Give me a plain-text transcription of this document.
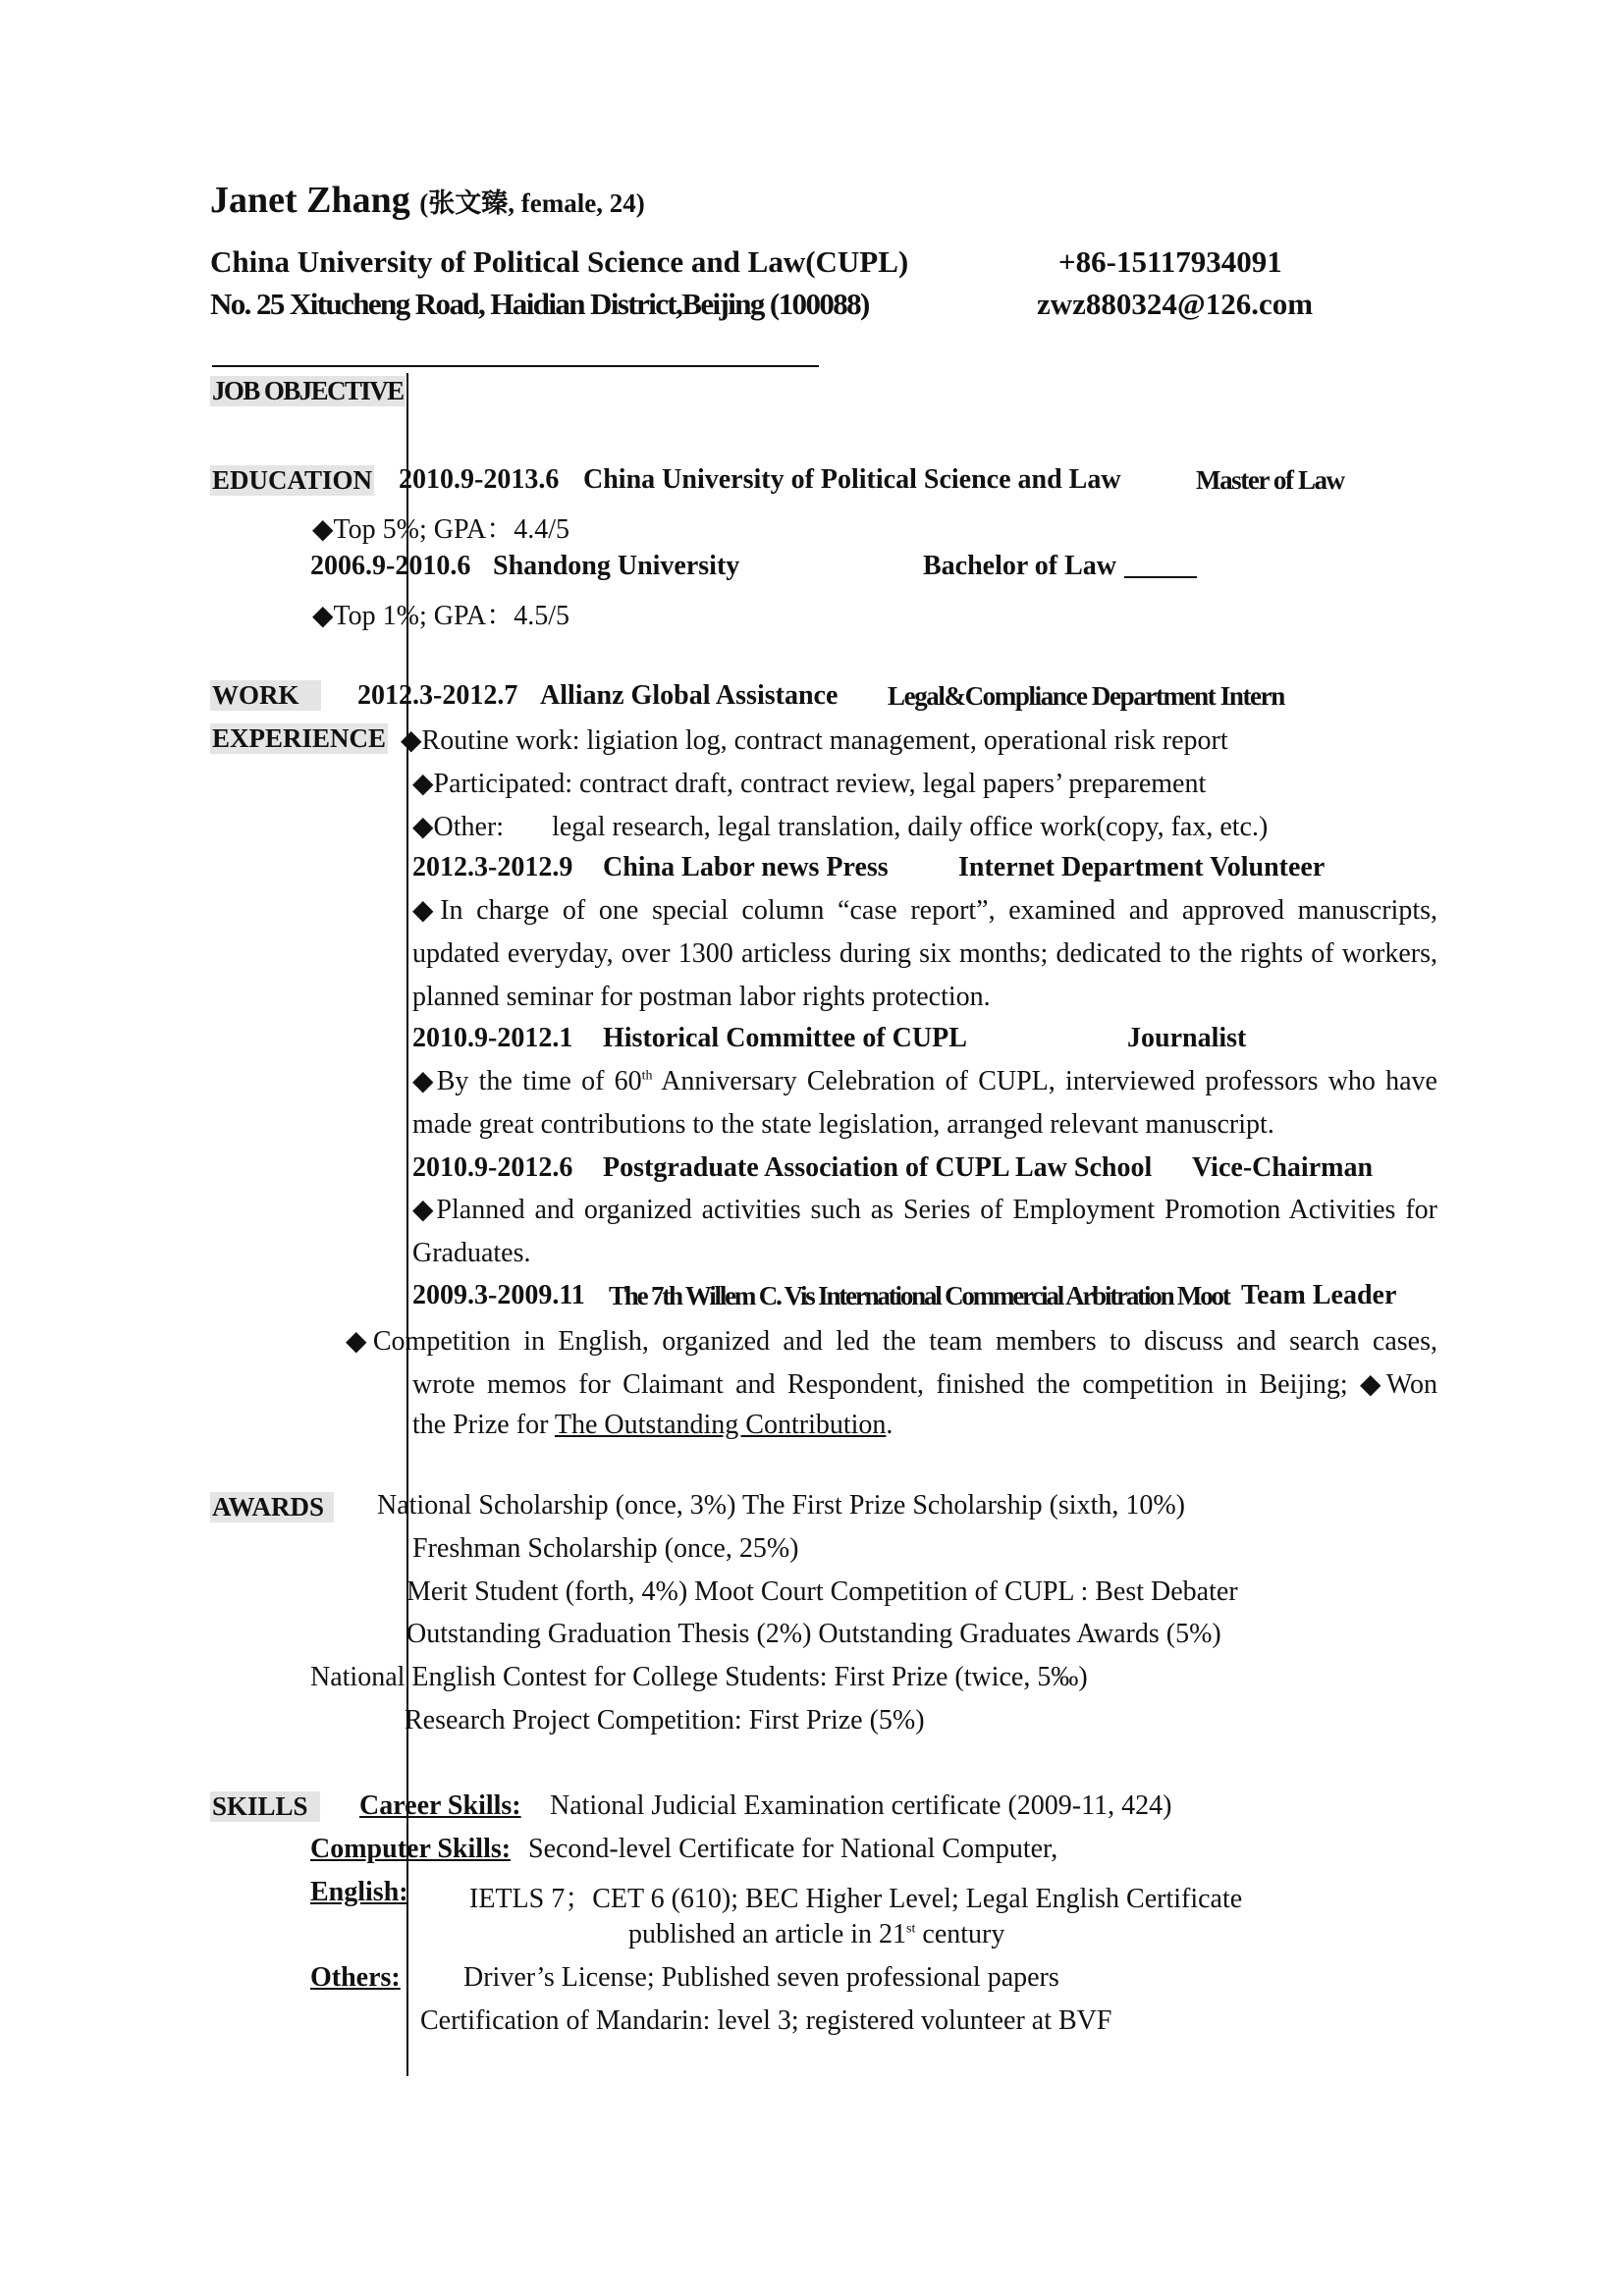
Janet Zhang (张文臻, female, 24)
China University of Political Science and Law(CUPL)	+86-15117934091
No. 25 Xitucheng Road, Haidian District,Beijing (100088)	zwz880324@126.com
JOB OBJECTIVE
EDUCATION 2010.9-2013.6 China University of Political Science and Law	Master of Law
◆Top 5%; GPA：4.4/5
2006.9-2010.6 Shandong University	Bachelor of Law
◆Top 1%; GPA：4.5/5
WORK
EXPERIENCE
2012.3-2012.7 Allianz Global Assistance Legal&Compliance Department Intern
◆Routine work: ligiation log, contract management, operational risk report
◆Participated: contract draft, contract review, legal papers’ preparement
◆Other:       legal research, legal translation, daily office work(copy, fax, etc.)
2012.3-2012.9 China Labor news Press	Internet Department Volunteer
◆In charge of one special column “case report”, examined and approved manuscripts, updated everyday, over 1300 articless during six months; dedicated to the rights of workers, planned seminar for postman labor rights protection.
2010.9-2012.1 Historical Committee of CUPL	Journalist
◆By the time of 60th Anniversary Celebration of CUPL, interviewed professors who have made great contributions to the state legislation, arranged relevant manuscript.
2010.9-2012.6 Postgraduate Association of CUPL Law School Vice-Chairman
◆Planned and organized activities such as Series of Employment Promotion Activities for Graduates.
2009.3-2009.11 The 7th Willem C. Vis International Commercial Arbitration Moot Team Leader
◆Competition in English, organized and led the team members to discuss and search cases,
wrote memos for Claimant and Respondent, finished the competition in Beijing; ◆Won
the Prize for The Outstanding Contribution.
AWARDS	National Scholarship (once, 3%) The First Prize Scholarship (sixth, 10%)
Freshman Scholarship (once, 25%)
Merit Student (forth, 4%) Moot Court Competition of CUPL : Best Debater
Outstanding Graduation Thesis (2%) Outstanding Graduates Awards (5%)
National English Contest for College Students: First Prize (twice, 5‰)
Research Project Competition: First Prize (5%)
SKILLS	Career Skills: National Judicial Examination certificate (2009-11, 424)
Computer Skills: Second-level Certificate for National Computer,
English: IETLS 7；CET 6 (610); BEC Higher Level; Legal English Certificate
published an article in 21st century
Others: Driver’s License; Published seven professional papers
Certification of Mandarin: level 3; registered volunteer at BVF
